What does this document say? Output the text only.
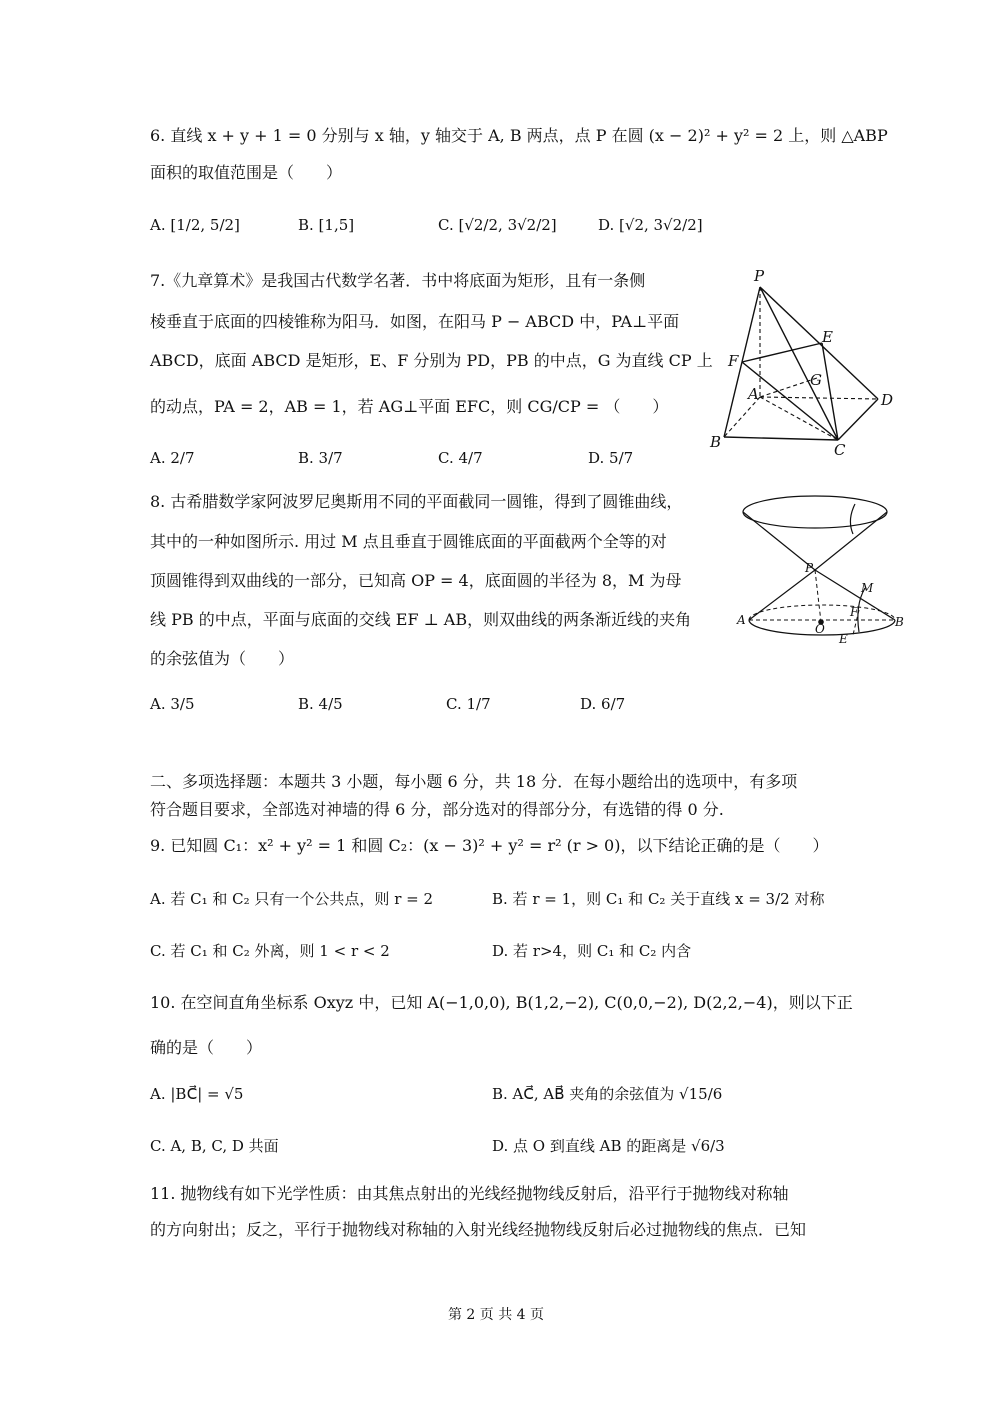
6. 直线 x + y + 1 = 0 分别与 x 轴，y 轴交于 A, B 两点，点 P 在圆 (x − 2)² + y² = 2 上，则 △ABP
面积的取值范围是（　　）
A. [1/2, 5/2]	B. [1,5]	C. [√2/2, 3√2/2]	D. [√2, 3√2/2]
7.《九章算术》是我国古代数学名著．书中将底面为矩形，且有一条侧
棱垂直于底面的四棱锥称为阳马．如图，在阳马 P − ABCD 中，PA⊥平面
ABCD，底面 ABCD 是矩形，E、F 分别为 PD，PB 的中点，G 为直线 CP 上
的动点，PA = 2，AB = 1，若 AG⊥平面 EFC，则 CG/CP = （　　）
A. 2/7	B. 3/7	C. 4/7	D. 5/7
P
E
F
A
G
D
B	C
8. 古希腊数学家阿波罗尼奥斯用不同的平面截同一圆锥，得到了圆锥曲线，
其中的一种如图所示. 用过 M 点且垂直于圆锥底面的平面截两个全等的对
顶圆锥得到双曲线的一部分，已知高 OP = 4，底面圆的半径为 8，M 为母
线 PB 的中点，平面与底面的交线 EF ⊥ AB，则双曲线的两条渐近线的夹角
的余弦值为（　　）
A. 3/5	B. 4/5	C. 1/7	D. 6/7
P
M
A
O
F
E
B
二、多项选择题：本题共 3 小题，每小题 6 分，共 18 分．在每小题给出的选项中，有多项
符合题目要求，全部选对神墙的得 6 分，部分选对的得部分分，有选错的得 0 分.
9. 已知圆 C₁：x² + y² = 1 和圆 C₂：(x − 3)² + y² = r² (r > 0)，以下结论正确的是（　　）
A. 若 C₁ 和 C₂ 只有一个公共点，则 r = 2	B. 若 r = 1，则 C₁ 和 C₂ 关于直线 x = 3/2 对称
C. 若 C₁ 和 C₂ 外离，则 1 < r < 2	D. 若 r>4，则 C₁ 和 C₂ 内含
10. 在空间直角坐标系 Oxyz 中，已知 A(−1,0,0), B(1,2,−2), C(0,0,−2), D(2,2,−4)，则以下正
确的是（　　）
A. |BC⃗| = √5	B. AC⃗, AB⃗ 夹角的余弦值为 √15/6
C. A, B, C, D 共面	D. 点 O 到直线 AB 的距离是 √6/3
11. 抛物线有如下光学性质：由其焦点射出的光线经抛物线反射后，沿平行于抛物线对称轴
的方向射出；反之，平行于抛物线对称轴的入射光线经抛物线反射后必过抛物线的焦点．已知
第 2 页 共 4 页
